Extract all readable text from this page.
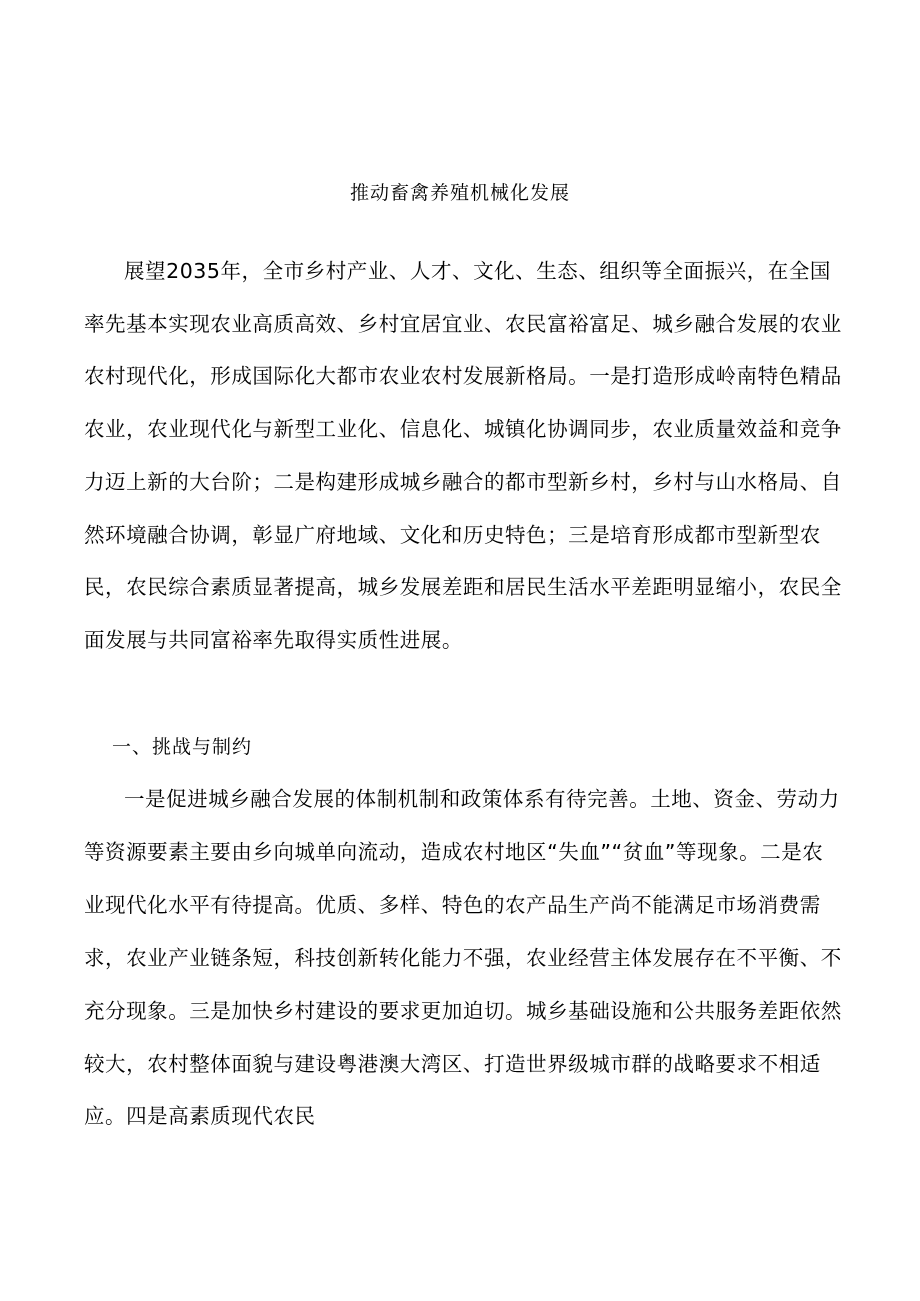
推动畜禽养殖机械化发展

展望2035年，全市乡村产业、人才、文化、生态、组织等全面振兴，在全国率先基本实现农业高质高效、乡村宜居宜业、农民富裕富足、城乡融合发展的农业农村现代化，形成国际化大都市农业农村发展新格局。一是打造形成岭南特色精品农业，农业现代化与新型工业化、信息化、城镇化协调同步，农业质量效益和竞争力迈上新的大台阶；二是构建形成城乡融合的都市型新乡村，乡村与山水格局、自然环境融合协调，彰显广府地域、文化和历史特色；三是培育形成都市型新型农民，农民综合素质显著提高，城乡发展差距和居民生活水平差距明显缩小，农民全面发展与共同富裕率先取得实质性进展。

一、挑战与制约

一是促进城乡融合发展的体制机制和政策体系有待完善。土地、资金、劳动力等资源要素主要由乡向城单向流动，造成农村地区“失血”“贫血”等现象。二是农业现代化水平有待提高。优质、多样、特色的农产品生产尚不能满足市场消费需求，农业产业链条短，科技创新转化能力不强，农业经营主体发展存在不平衡、不充分现象。三是加快乡村建设的要求更加迫切。城乡基础设施和公共服务差距依然较大，农村整体面貌与建设粤港澳大湾区、打造世界级城市群的战略要求不相适应。四是高素质现代农民
